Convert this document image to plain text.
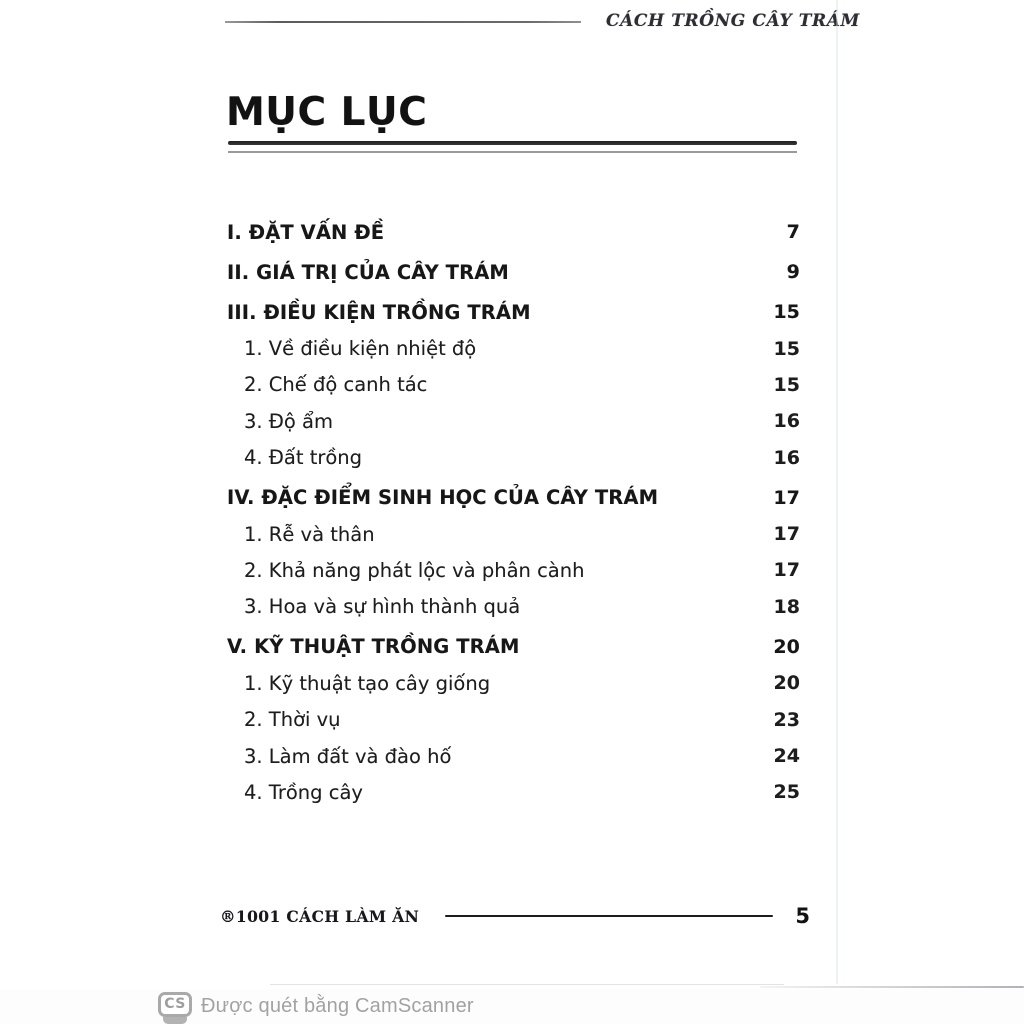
CÁCH TRỒNG CÂY TRÁM
MỤC LỤC
I. ĐẶT VẤN ĐỀ	7
II. GIÁ TRỊ CỦA CÂY TRÁM	9
III. ĐIỀU KIỆN TRỒNG TRÁM	15
1. Về điều kiện nhiệt độ	15
2. Chế độ canh tác	15
3. Độ ẩm	16
4. Đất trồng	16
IV. ĐẶC ĐIỂM SINH HỌC CỦA CÂY TRÁM	17
1. Rễ và thân	17
2. Khả năng phát lộc và phân cành	17
3. Hoa và sự hình thành quả	18
V. KỸ THUẬT TRỒNG TRÁM	20
1. Kỹ thuật tạo cây giống	20
2. Thời vụ	23
3. Làm đất và đào hố	24
4. Trồng cây	25
®1001 CÁCH LÀM ĂN	5
CS Được quét bằng CamScanner
